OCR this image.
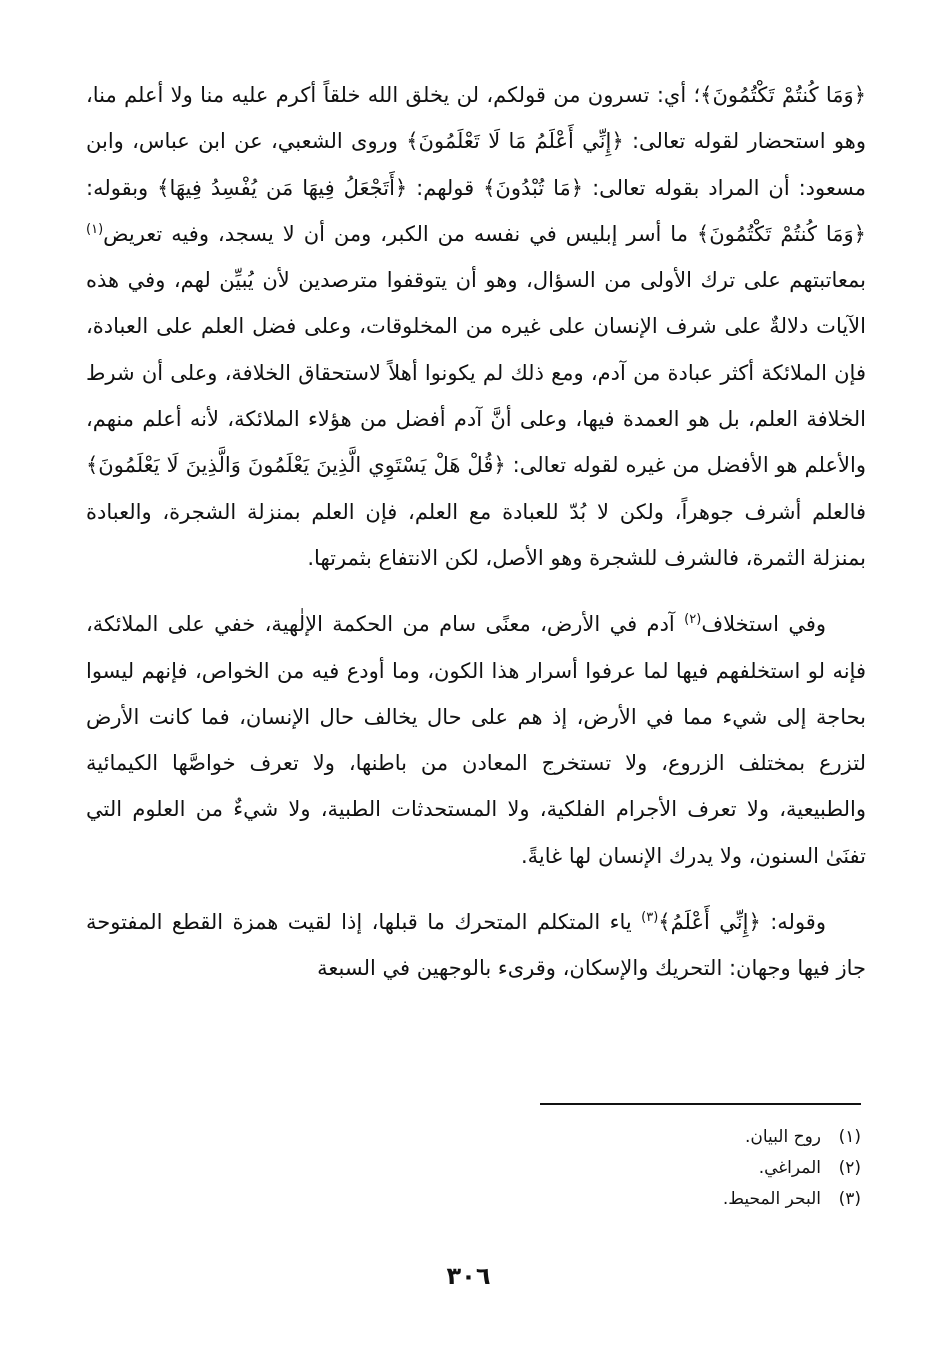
﴿وَمَا كُنتُمْ تَكْتُمُونَ﴾؛ أي: تسرون من قولكم، لن يخلق الله خلقاً أكرم عليه منا ولا أعلم منا، وهو استحضار لقوله تعالى: ﴿إِنِّي أَعْلَمُ مَا لَا تَعْلَمُونَ﴾ وروى الشعبي، عن ابن عباس، وابن مسعود: أن المراد بقوله تعالى: ﴿مَا تُبْدُونَ﴾ قولهم: ﴿أَتَجْعَلُ فِيهَا مَن يُفْسِدُ فِيهَا﴾ وبقوله: ﴿وَمَا كُنتُمْ تَكْتُمُونَ﴾ ما أسر إبليس في نفسه من الكبر، ومن أن لا يسجد، وفيه تعريض$^{(١)}$ بمعاتبتهم على ترك الأولى من السؤال، وهو أن يتوقفوا مترصدين لأن يُبيِّن لهم، وفي هذه الآيات دلالةٌ على شرف الإنسان على غيره من المخلوقات، وعلى فضل العلم على العبادة، فإن الملائكة أكثر عبادة من آدم، ومع ذلك لم يكونوا أهلاً لاستحقاق الخلافة، وعلى أن شرط الخلافة العلم، بل هو العمدة فيها، وعلى أنَّ آدم أفضل من هؤلاء الملائكة، لأنه أعلم منهم، والأعلم هو الأفضل من غيره لقوله تعالى: ﴿قُلْ هَلْ يَسْتَوِي الَّذِينَ يَعْلَمُونَ وَالَّذِينَ لَا يَعْلَمُونَ﴾ فالعلم أشرف جوهراً، ولكن لا بُدّ للعبادة مع العلم، فإن العلم بمنزلة الشجرة، والعبادة بمنزلة الثمرة، فالشرف للشجرة وهو الأصل، لكن الانتفاع بثمرتها.

وفي استخلاف$^{(٢)}$ آدم في الأرض، معنًى سام من الحكمة الإلٰهية، خفي على الملائكة، فإنه لو استخلفهم فيها لما عرفوا أسرار هذا الكون، وما أودع فيه من الخواص، فإنهم ليسوا بحاجة إلى شيء مما في الأرض، إذ هم على حال يخالف حال الإنسان، فما كانت الأرض لتزرع بمختلف الزروع، ولا تستخرج المعادن من باطنها، ولا تعرف خواصَّها الكيمائية والطبيعية، ولا تعرف الأجرام الفلكية، ولا المستحدثات الطبية، ولا شيءٌ من العلوم التي تفنَىٰ السنون، ولا يدرك الإنسان لها غايةً.

وقوله: ﴿إِنِّي أَعْلَمُ﴾$^{(٣)}$ ياء المتكلم المتحرك ما قبلها، إذا لقيت همزة القطع المفتوحة جاز فيها وجهان: التحريك والإسكان، وقرىء بالوجهين في السبعة

(١)روح البيان.
(٢)المراغي.
(٣)البحر المحيط.
٣٠٦
